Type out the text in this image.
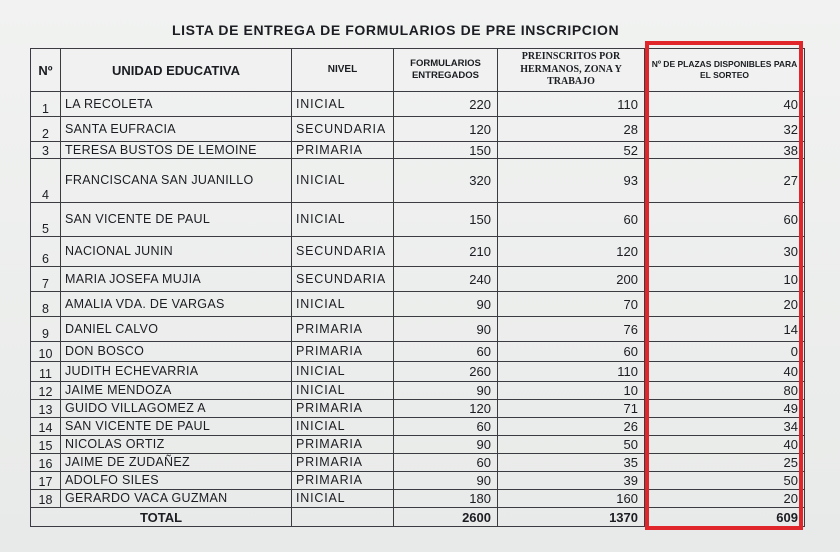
LISTA DE ENTREGA DE FORMULARIOS DE PRE INSCRIPCION
Nº	UNIDAD EDUCATIVA	NIVEL	FORMULARIOS ENTREGADOS	PREINSCRITOS POR HERMANOS, ZONA Y TRABAJO	Nº DE PLAZAS DISPONIBLES PARA EL SORTEO
1	LA RECOLETA	INICIAL	220	110	40
2	SANTA EUFRACIA	SECUNDARIA	120	28	32
3	TERESA BUSTOS DE LEMOINE	PRIMARIA	150	52	38
4	FRANCISCANA SAN JUANILLO	INICIAL	320	93	27
5	SAN VICENTE DE PAUL	INICIAL	150	60	60
6	NACIONAL JUNIN	SECUNDARIA	210	120	30
7	MARIA JOSEFA MUJIA	SECUNDARIA	240	200	10
8	AMALIA VDA. DE VARGAS	INICIAL	90	70	20
9	DANIEL CALVO	PRIMARIA	90	76	14
10	DON BOSCO	PRIMARIA	60	60	0
11	JUDITH ECHEVARRIA	INICIAL	260	110	40
12	JAIME MENDOZA	INICIAL	90	10	80
13	GUIDO VILLAGOMEZ A	PRIMARIA	120	71	49
14	SAN VICENTE DE PAUL	INICIAL	60	26	34
15	NICOLAS ORTIZ	PRIMARIA	90	50	40
16	JAIME DE ZUDAÑEZ	PRIMARIA	60	35	25
17	ADOLFO SILES	PRIMARIA	90	39	50
18	GERARDO VACA GUZMAN	INICIAL	180	160	20
TOTAL			2600	1370	609
